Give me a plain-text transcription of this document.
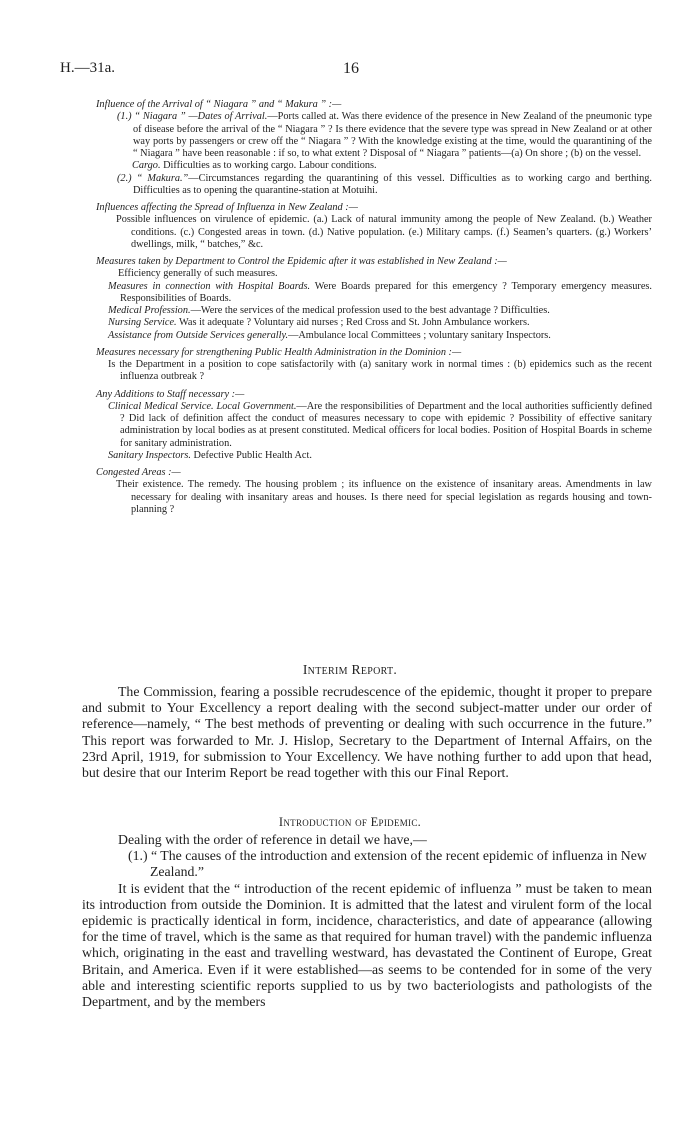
H.—31a.	16

Influence of the Arrival of “ Niagara ” and “ Makura ” :—

(1.) “ Niagara ” —Dates of Arrival.—Ports called at. Was there evidence of the presence in New Zealand of the pneumonic type of disease before the arrival of the “ Niagara ” ? Is there evidence that the severe type was spread in New Zealand or at other way ports by passengers or crew off the “ Niagara ” ? With the knowledge existing at the time, would the quarantining of the “ Niagara ” have been reasonable : if so, to what extent ? Disposal of “ Niagara ” patients—(a) On shore ; (b) on the vessel.

Cargo. Difficulties as to working cargo. Labour conditions.

(2.) “ Makura.”—Circumstances regarding the quarantining of this vessel. Difficulties as to working cargo and berthing. Difficulties as to opening the quarantine-station at Motuihi.

Influences affecting the Spread of Influenza in New Zealand :—

Possible influences on virulence of epidemic. (a.) Lack of natural immunity among the people of New Zealand. (b.) Weather conditions. (c.) Congested areas in town. (d.) Native population. (e.) Military camps. (f.) Seamen’s quarters. (g.) Workers’ dwellings, milk, “ batches,” &c.

Measures taken by Department to Control the Epidemic after it was established in New Zealand :—

Efficiency generally of such measures.

Measures in connection with Hospital Boards. Were Boards prepared for this emergency ? Temporary emergency measures. Responsibilities of Boards.

Medical Profession.—Were the services of the medical profession used to the best advantage ? Difficulties.

Nursing Service. Was it adequate ? Voluntary aid nurses ; Red Cross and St. John Ambulance workers.

Assistance from Outside Services generally.—Ambulance local Committees ; voluntary sanitary Inspectors.

Measures necessary for strengthening Public Health Administration in the Dominion :—

Is the Department in a position to cope satisfactorily with (a) sanitary work in normal times : (b) epidemics such as the recent influenza outbreak ?

Any Additions to Staff necessary :—

Clinical Medical Service. Local Government.—Are the responsibilities of Department and the local authorities sufficiently defined ? Did lack of definition affect the conduct of measures necessary to cope with epidemic ? Possibility of effective sanitary administration by local bodies as at present constituted. Medical officers for local bodies. Position of Hospital Boards in scheme for sanitary administration.

Sanitary Inspectors. Defective Public Health Act.

Congested Areas :—

Their existence. The remedy. The housing problem ; its influence on the existence of insanitary areas. Amendments in law necessary for dealing with insanitary areas and houses. Is there need for special legislation as regards housing and town-planning ?

Interim Report.

The Commission, fearing a possible recrudescence of the epidemic, thought it proper to prepare and submit to Your Excellency a report dealing with the second subject-matter under our order of reference—namely, “ The best methods of preventing or dealing with such occurrence in the future.” This report was forwarded to Mr. J. Hislop, Secretary to the Department of Internal Affairs, on the 23rd April, 1919, for submission to Your Excellency. We have nothing further to add upon that head, but desire that our Interim Report be read together with this our Final Report.

Introduction of Epidemic.

Dealing with the order of reference in detail we have,—

(1.) “ The causes of the introduction and extension of the recent epidemic of influenza in New Zealand.”

It is evident that the “ introduction of the recent epidemic of influenza ” must be taken to mean its introduction from outside the Dominion. It is admitted that the latest and virulent form of the local epidemic is practically identical in form, incidence, characteristics, and date of appearance (allowing for the time of travel, which is the same as that required for human travel) with the pandemic influenza which, originating in the east and travelling westward, has devastated the Continent of Europe, Great Britain, and America. Even if it were established—as seems to be contended for in some of the very able and interesting scientific reports supplied to us by two bacteriologists and pathologists of the Department, and by the members
